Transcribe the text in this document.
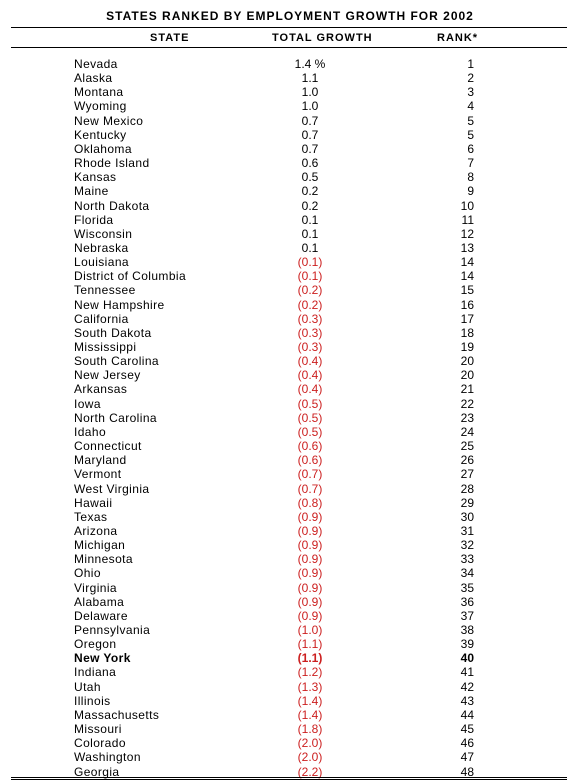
STATES RANKED BY EMPLOYMENT GROWTH FOR 2002
STATE	TOTAL GROWTH	RANK*
Nevada	1.4 %	1
Alaska	1.1	2
Montana	1.0	3
Wyoming	1.0	4
New Mexico	0.7	5
Kentucky	0.7	5
Oklahoma	0.7	6
Rhode Island	0.6	7
Kansas	0.5	8
Maine	0.2	9
North Dakota	0.2	10
Florida	0.1	11
Wisconsin	0.1	12
Nebraska	0.1	13
Louisiana	(0.1)	14
District of Columbia	(0.1)	14
Tennessee	(0.2)	15
New Hampshire	(0.2)	16
California	(0.3)	17
South Dakota	(0.3)	18
Mississippi	(0.3)	19
South Carolina	(0.4)	20
New Jersey	(0.4)	20
Arkansas	(0.4)	21
Iowa	(0.5)	22
North Carolina	(0.5)	23
Idaho	(0.5)	24
Connecticut	(0.6)	25
Maryland	(0.6)	26
Vermont	(0.7)	27
West Virginia	(0.7)	28
Hawaii	(0.8)	29
Texas	(0.9)	30
Arizona	(0.9)	31
Michigan	(0.9)	32
Minnesota	(0.9)	33
Ohio	(0.9)	34
Virginia	(0.9)	35
Alabama	(0.9)	36
Delaware	(0.9)	37
Pennsylvania	(1.0)	38
Oregon	(1.1)	39
New York	(1.1)	40
Indiana	(1.2)	41
Utah	(1.3)	42
Illinois	(1.4)	43
Massachusetts	(1.4)	44
Missouri	(1.8)	45
Colorado	(2.0)	46
Washington	(2.0)	47
Georgia	(2.2)	48
